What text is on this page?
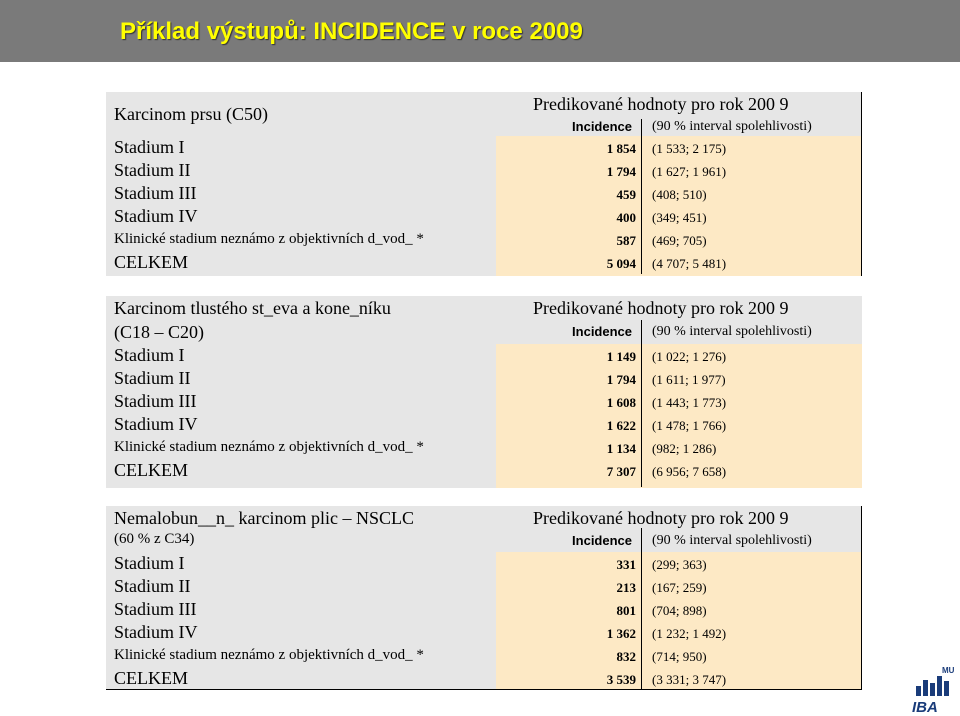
Příklad výstupů: INCIDENCE v roce 2009
Karcinom prsu (C50)	Predikované hodnoty pro rok 200 9
Incidence (90 % interval spolehlivosti)
Stadium I	1 854 (1 533; 2 175)
Stadium II	1 794 (1 627; 1 961)
Stadium III	459 (408; 510)
Stadium IV	400 (349; 451)
Klinické stadium neznámo z objektivních d_vod_ *	587 (469; 705)
CELKEM	5 094 (4 707; 5 481)
Karcinom tlustého st_eva a kone_níku
(C18 – C20)
Predikované hodnoty pro rok 200 9
Incidence (90 % interval spolehlivosti)
Stadium I	1 149 (1 022; 1 276)
Stadium II	1 794 (1 611; 1 977)
Stadium III	1 608 (1 443; 1 773)
Stadium IV	1 622 (1 478; 1 766)
Klinické stadium neznámo z objektivních d_vod_ *	1 134 (982; 1 286)
CELKEM	7 307 (6 956; 7 658)
Nemalobun__n_ karcinom plic – NSCLC
(60 % z C34)
Predikované hodnoty pro rok 200 9
Incidence (90 % interval spolehlivosti)
Stadium I	331 (299; 363)
Stadium II	213 (167; 259)
Stadium III	801 (704; 898)
Stadium IV	1 362 (1 232; 1 492)
Klinické stadium neznámo z objektivních d_vod_ *	832 (714; 950)
CELKEM	3 539 (3 331; 3 747)
MU
IBA
